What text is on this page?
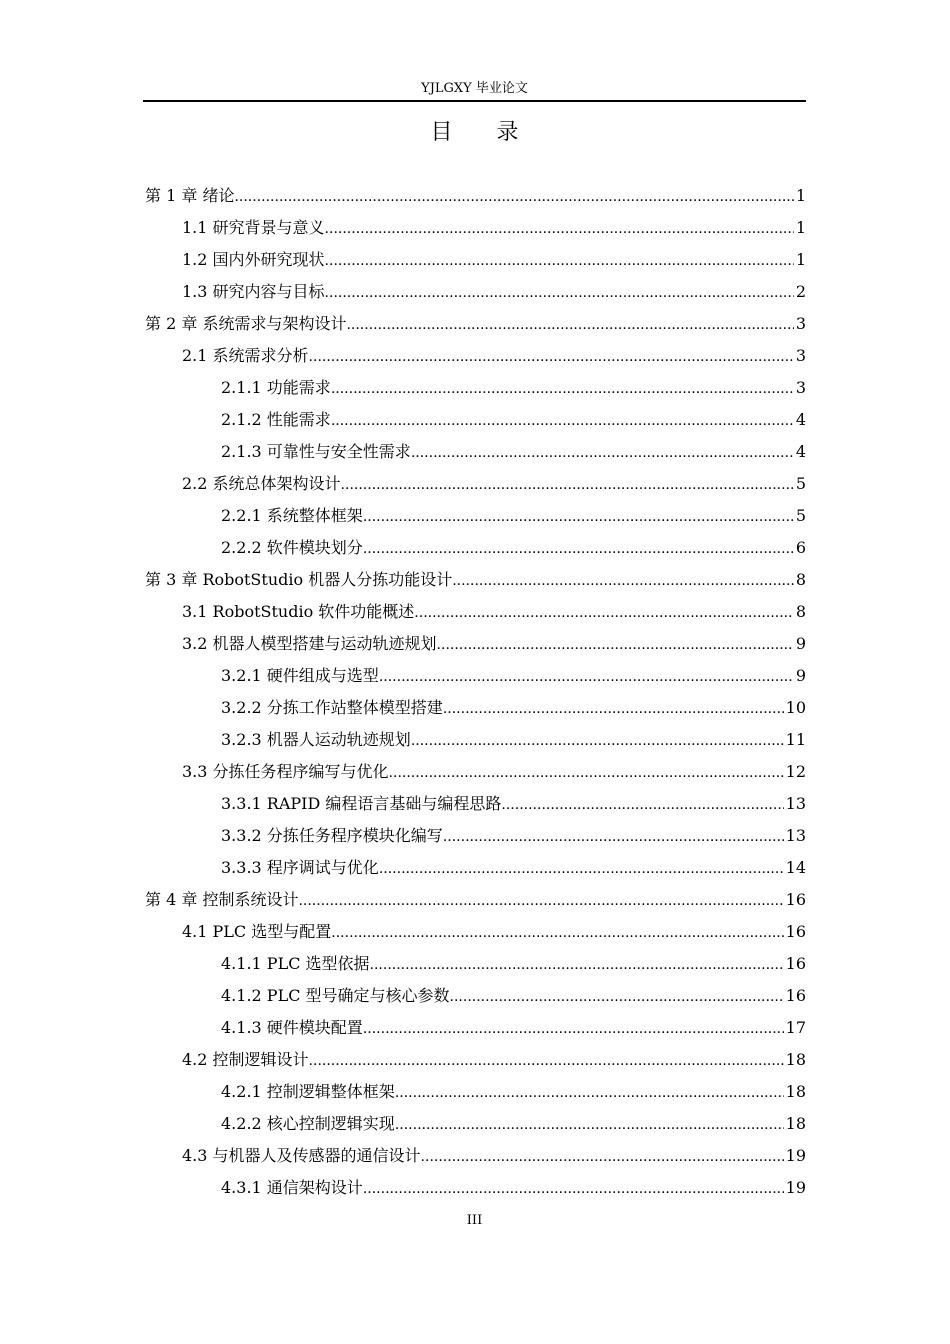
YJLGXY 毕业论文
目录
第 1 章 绪论 .....	1
1.1 研究背景与意义 .....	1
1.2 国内外研究现状 .....	1
1.3 研究内容与目标 .....	2
第 2 章 系统需求与架构设计 .....	3
2.1 系统需求分析 .....	3
2.1.1 功能需求 .....	3
2.1.2 性能需求 .....	4
2.1.3 可靠性与安全性需求 .....	4
2.2 系统总体架构设计 .....	5
2.2.1 系统整体框架 .....	5
2.2.2 软件模块划分 .....	6
第 3 章 RobotStudio 机器人分拣功能设计 .....	8
3.1 RobotStudio 软件功能概述 .....	8
3.2 机器人模型搭建与运动轨迹规划 .....	9
3.2.1 硬件组成与选型 .....	9
3.2.2 分拣工作站整体模型搭建 .....	10
3.2.3 机器人运动轨迹规划 .....	11
3.3 分拣任务程序编写与优化 .....	12
3.3.1 RAPID 编程语言基础与编程思路 .....	13
3.3.2 分拣任务程序模块化编写 .....	13
3.3.3 程序调试与优化 .....	14
第 4 章 控制系统设计 .....	16
4.1 PLC 选型与配置 .....	16
4.1.1 PLC 选型依据 .....	16
4.1.2 PLC 型号确定与核心参数 .....	16
4.1.3 硬件模块配置 .....	17
4.2 控制逻辑设计 .....	18
4.2.1 控制逻辑整体框架 .....	18
4.2.2 核心控制逻辑实现 .....	18
4.3 与机器人及传感器的通信设计 .....	19
4.3.1 通信架构设计 .....	19
III
